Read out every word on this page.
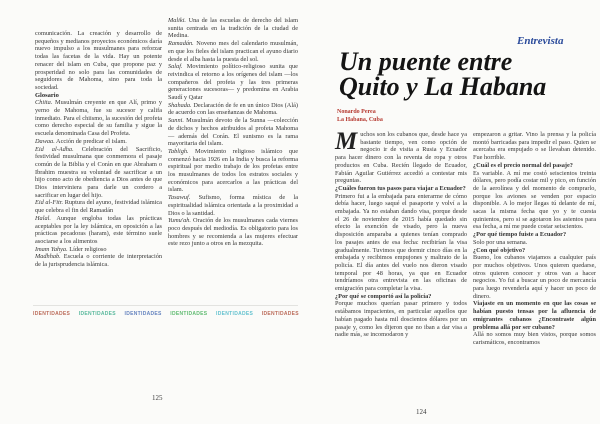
comunicación. La creación y desarrollo de pequeños y medianos proyectos económicos daría nuevo impulso a los musulmanes para reforzar todas las facetas de la vida. Hay un potente renacer del islam en Cuba, que propone paz y prosperidad no solo para las comunidades de seguidores de Mahoma, sino para toda la sociedad.

Glosario

Chiita. Musulmán creyente en que Alí, primo y yerno de Mahoma, fue su sucesor y califa inmediato. Para el chiismo, la sucesión del profeta como derecho especial de su familia y sigue la escuela denominada Casa del Profeta.

Dawaa. Acción de predicar el islam.

Eid al-Adha. Celebración del Sacrificio, festividad musulmana que conmemora el pasaje común de la Biblia y el Corán en que Abraham o Ibrahim muestra su voluntad de sacrificar a un hijo como acto de obediencia a Dios antes de que Dios interviniera para darle un cordero a sacrificar en lugar del hijo.

Eid al-Fitr. Ruptura del ayuno, festividad islámica que celebra el fin del Ramadán

Halal. Aunque engloba todas las prácticas aceptables por la ley islámica, en oposición a las prácticas pecadoras (haram), este término suele asociarse a los alimentos

Imam Yahya. Líder religioso

Madhhab. Escuela o corriente de interpretación de la jurisprudencia islámica.

Maliki. Una de las escuelas de derecho del islam sunita centrada en la tradición de la ciudad de Medina.

Ramadán. Noveno mes del calendario musulmán, en que los fieles del islam practican el ayuno diario desde el alba hasta la puesta del sol.

Salaf. Movimiento político-religioso sunita que reivindica el retorno a los orígenes del islam —los compañeros del profeta y las tres primeras generaciones sucesoras— y predomina en Arabia Saudí y Qatar

Shahada. Declaración de fe en un único Dios (Alá) de acuerdo con las enseñanzas de Mahoma.

Sunni. Musulmán devoto de la Sunna —colección de dichos y hechos atribuidos al profeta Mahoma— además del Corán. El sunismo es la rama mayoritaria del islam.

Tabligh. Movimiento religioso islámico que comenzó hacia 1926 en la India y busca la reforma espiritual por medio trabajo de los profetas entre los musulmanes de todos los estratos sociales y económicos para acercarlos a las prácticas del islam.

Tasawuf. Sufismo, forma mística de la espiritualidad islámica orientada a la proximidad a Dios o la santidad.

Yumu'ah. Oración de los musulmanes cada viernes poco después del mediodía. Es obligatorio para los hombres y se recomienda a las mujeres efectuar este rezo junto a otros en la mezquita.

IDENTIDADES IDENTIDADES IDENTIDADES IDENTIDADES IDENTIDADES IDENTIDADES
125
Entrevista
Un puente entre
Quito y La Habana
Nonardo Perea
La Habana, Cuba

Muchos son los cubanos que, desde hace ya bastante tiempo, ven como opción de negocio ir de visita a Rusia y Ecuador para hacer dinero con la reventa de ropa y otros productos en Cuba. Recién llegado de Ecuador, Fabián Aguilar Gutiérrez accedió a contestar mis preguntas.

¿Cuáles fueron tus pasos para viajar a Ecuador?

Primero fui a la embajada para enterarme de cómo debía hacer, luego saqué el pasaporte y volví a la embajada. Ya no estaban dando visa, porque desde el 26 de noviembre de 2015 había quedado sin efecto la exención de visado, pero la nueva disposición amparaba a quienes tenían comprado los pasajes antes de esa fecha: recibirían la visa gradualmente. Tuvimos que dormir cinco días en la embajada y recibimos empujones y maltrato de la policía. El día antes del vuelo nos dieron visado temporal por 48 horas, ya que en Ecuador tendríamos otra entrevista en las oficinas de emigración para completar la visa.

¿Por qué se comportó así la policía?

Porque muchos querían pasar primero y todos estábamos impacientes, en particular aquellos que habían pagado hasta mil doscientos dólares por un pasaje y, como les dijeron que no iban a dar visa a nadie más, se incomodaron y

empezaron a gritar. Vino la prensa y la policía montó barricadas para impedir el paso. Quien se acercaba era empujado o se llevaban detenido. Fue horrible.

¿Cuál es el precio normal del pasaje?

Es variable. A mí me costó seiscientos treinta dólares, pero podía costar mil y pico, en función de la aerolínea y del momento de comprarlo, porque los aviones se venden por espacio disponible. A lo mejor llegas tú delante de mí, sacas la misma fecha que yo y te cuesta quinientos, pero si se agotaron los asientos para esa fecha, a mí me puede costar seiscientos.

¿Por qué tiempo fuiste a Ecuador?

Solo por una semana.

¿Con qué objetivo?

Bueno, los cubanos viajamos a cualquier país por muchos objetivos. Unos quieren quedarse, otros quieren conocer y otros van a hacer negocios. Yo fui a buscar un poco de mercancía para luego revenderla aquí y hacer un poco de dinero.

Viajaste en un momento en que las cosas se habían puesto tensas por la afluencia de emigrantes cubanos ¿Encontraste algún problema allá por ser cubano?

Allá no somos muy bien vistos, porque somos carismáticos, encontramos

124
